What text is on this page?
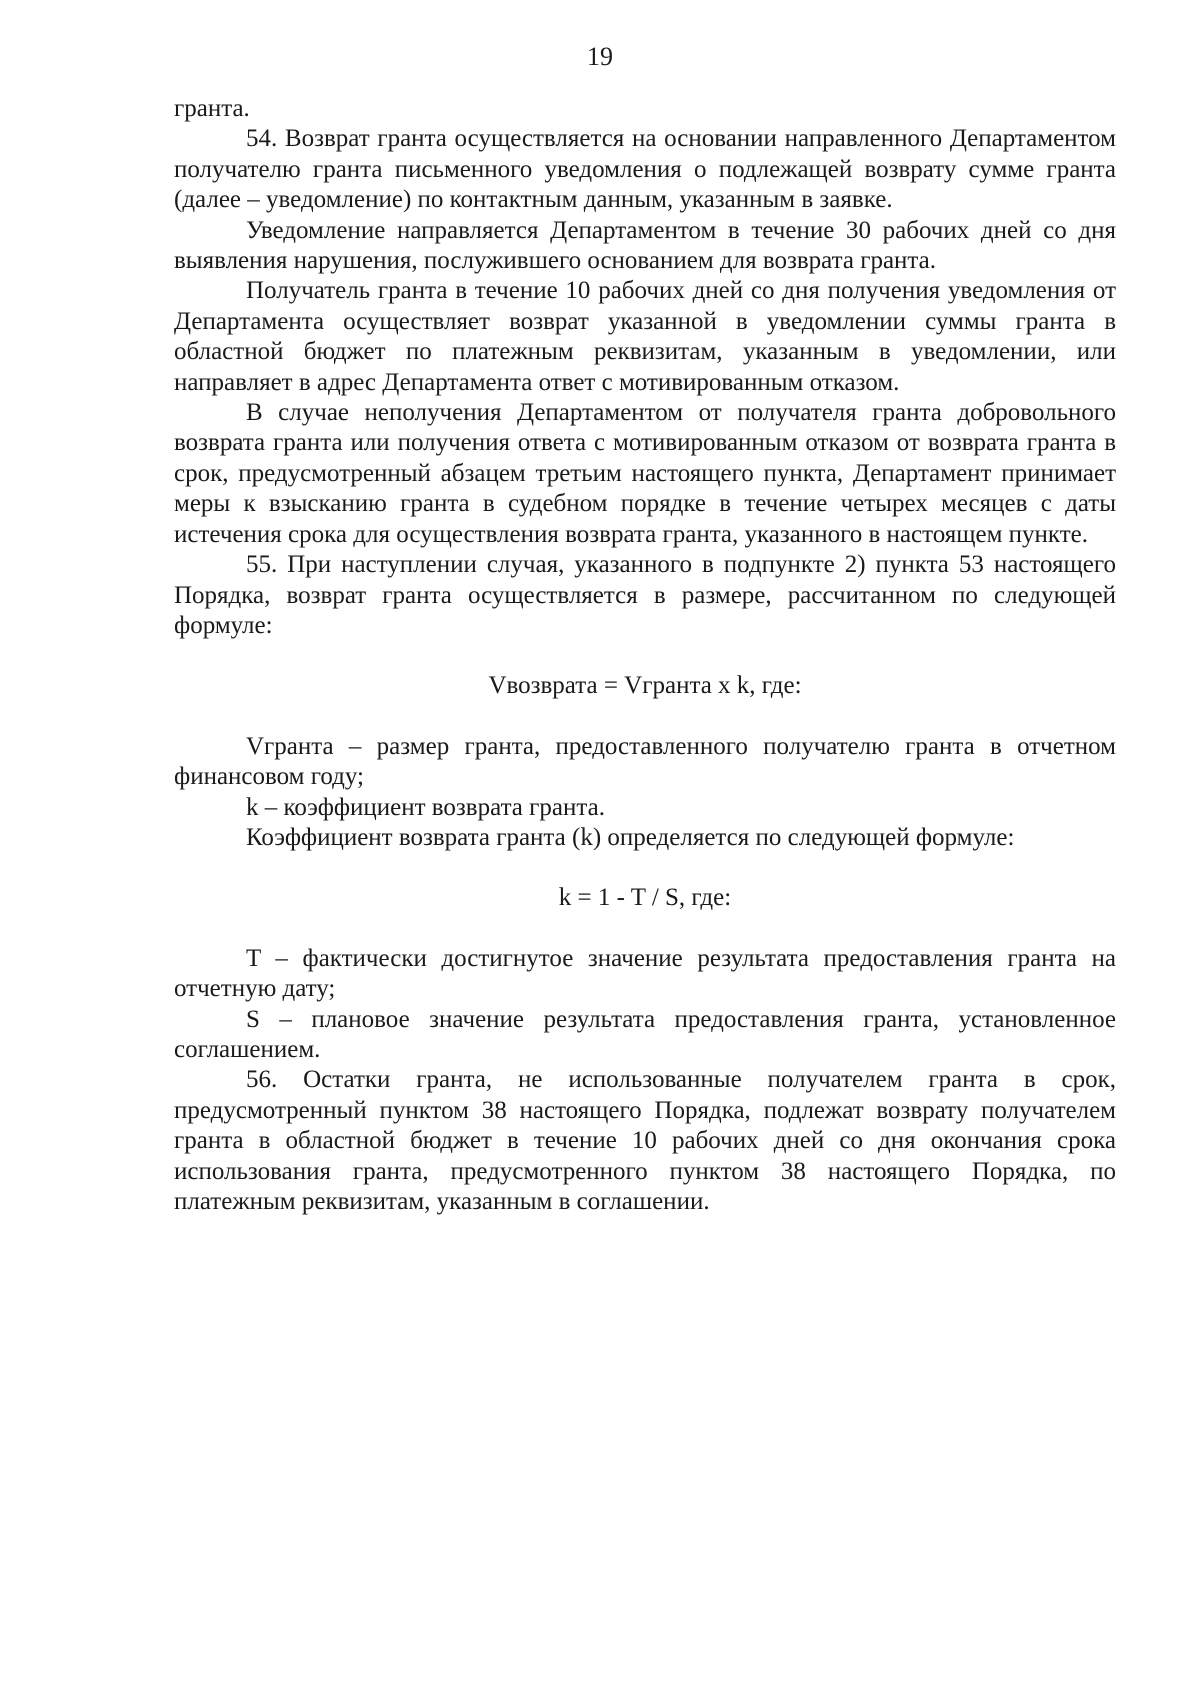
19

гранта.

54. Возврат гранта осуществляется на основании направленного Департаментом получателю гранта письменного уведомления о подлежащей возврату сумме гранта (далее – уведомление) по контактным данным, указанным в заявке.

Уведомление направляется Департаментом в течение 30 рабочих дней со дня выявления нарушения, послужившего основанием для возврата гранта.

Получатель гранта в течение 10 рабочих дней со дня получения уведомления от Департамента осуществляет возврат указанной в уведомлении суммы гранта в областной бюджет по платежным реквизитам, указанным в уведомлении, или направляет в адрес Департамента ответ с мотивированным отказом.

В случае неполучения Департаментом от получателя гранта добровольного возврата гранта или получения ответа с мотивированным отказом от возврата гранта в срок, предусмотренный абзацем третьим настоящего пункта, Департамент принимает меры к взысканию гранта в судебном порядке в течение четырех месяцев с даты истечения срока для осуществления возврата гранта, указанного в настоящем пункте.

55. При наступлении случая, указанного в подпункте 2) пункта 53 настоящего Порядка, возврат гранта осуществляется в размере, рассчитанном по следующей формуле:

Vвозврата = Vгранта x k, где:

Vгранта – размер гранта, предоставленного получателю гранта в отчетном финансовом году;

k – коэффициент возврата гранта.

Коэффициент возврата гранта (k) определяется по следующей формуле:

k = 1 - T / S, где:

T – фактически достигнутое значение результата предоставления гранта на отчетную дату;

S – плановое значение результата предоставления гранта, установленное соглашением.

56. Остатки гранта, не использованные получателем гранта в срок, предусмотренный пунктом 38 настоящего Порядка, подлежат возврату получателем гранта в областной бюджет в течение 10 рабочих дней со дня окончания срока использования гранта, предусмотренного пунктом 38 настоящего Порядка, по платежным реквизитам, указанным в соглашении.
